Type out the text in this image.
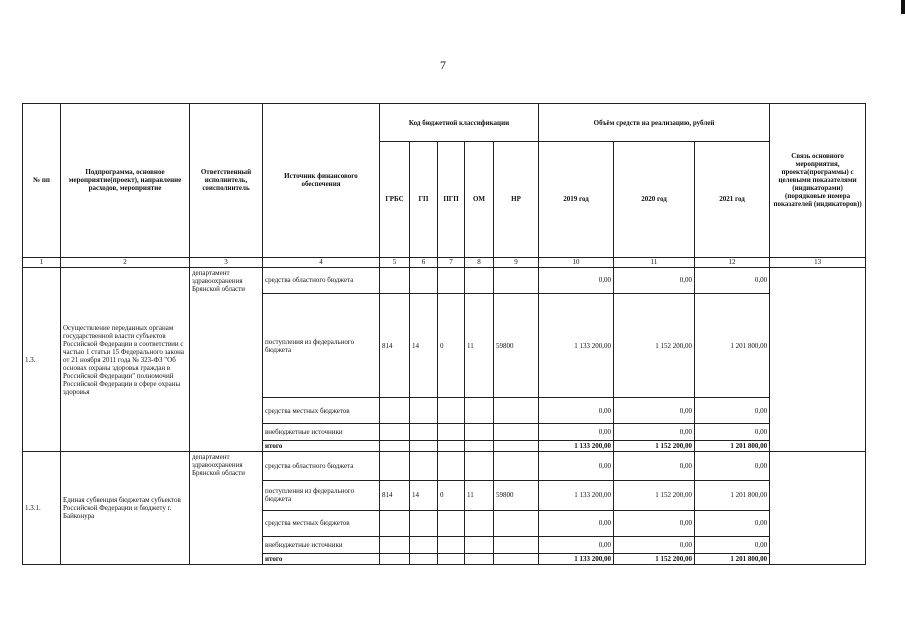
7
№ пп	Подпрограмма, основное мероприятие(проект), направление расходов, мероприятие	Ответственный исполнитель, соисполнитель	Источник финансового обеспечения	Код бюджетной классификации					Объём средств на реализацию, рублей			Связь основного мероприятия, проекта(программы) с целевыми показателями (индикаторами) (порядковые номера показателей (индикаторов))
				ГРБС	ГП	ПГП	ОМ	НР	2019 год	2020 год	2021 год	
1	2	3	4	5	6	7	8	9	10	11	12	13
1.3.	Осуществление переданных органам государственной власти субъектов Российской Федерации в соответствии с частью 1 статьи 15 Федерального закона от 21 ноября 2011 года № 323-ФЗ "Об основах охраны здоровья граждан в Российской Федерации" полномочий Российской Федерации в сфере охраны здоровья	департамент здравоохранения Брянской области	средства областного бюджета						0,00	0,00	0,00	
			поступления из федерального бюджета	814	14	0	11	59800	1 133 200,00	1 152 200,00	1 201 800,00	
			средства местных бюджетов						0,00	0,00	0,00	
			внебюджетные источники						0,00	0,00	0,00	
			итого						1 133 200,00	1 152 200,00	1 201 800,00	
1.3.1.	Единая субвенция бюджетам субъектов Российской Федерации и бюджету г. Байконура	департамент здравоохранения Брянской области	средства областного бюджета						0,00	0,00	0,00	
			поступления из федерального бюджета	814	14	0	11	59800	1 133 200,00	1 152 200,00	1 201 800,00	
			средства местных бюджетов						0,00	0,00	0,00	
			внебюджетные источники						0,00	0,00	0,00	
			итого						1 133 200,00	1 152 200,00	1 201 800,00	
